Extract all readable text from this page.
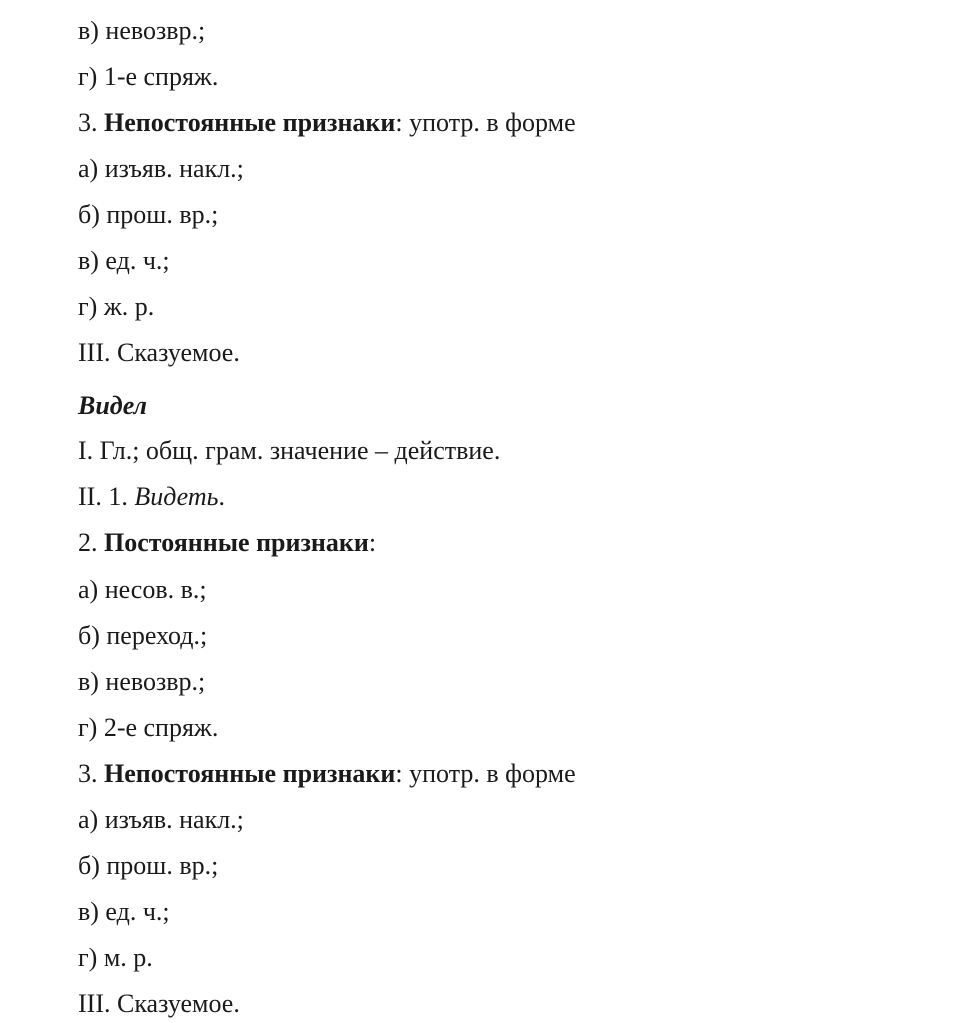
в) невозвр.;
г) 1-е спряж.
3. Непостоянные признаки: употр. в форме
а) изъяв. накл.;
б) прош. вр.;
в) ед. ч.;
г) ж. р.
III. Сказуемое.
Видел
I. Гл.; общ. грам. значение – действие.
II. 1. Видеть.
2. Постоянные признаки:
а) несов. в.;
б) переход.;
в) невозвр.;
г) 2-е спряж.
3. Непостоянные признаки: употр. в форме
а) изъяв. накл.;
б) прош. вр.;
в) ед. ч.;
г) м. р.
III. Сказуемое.
